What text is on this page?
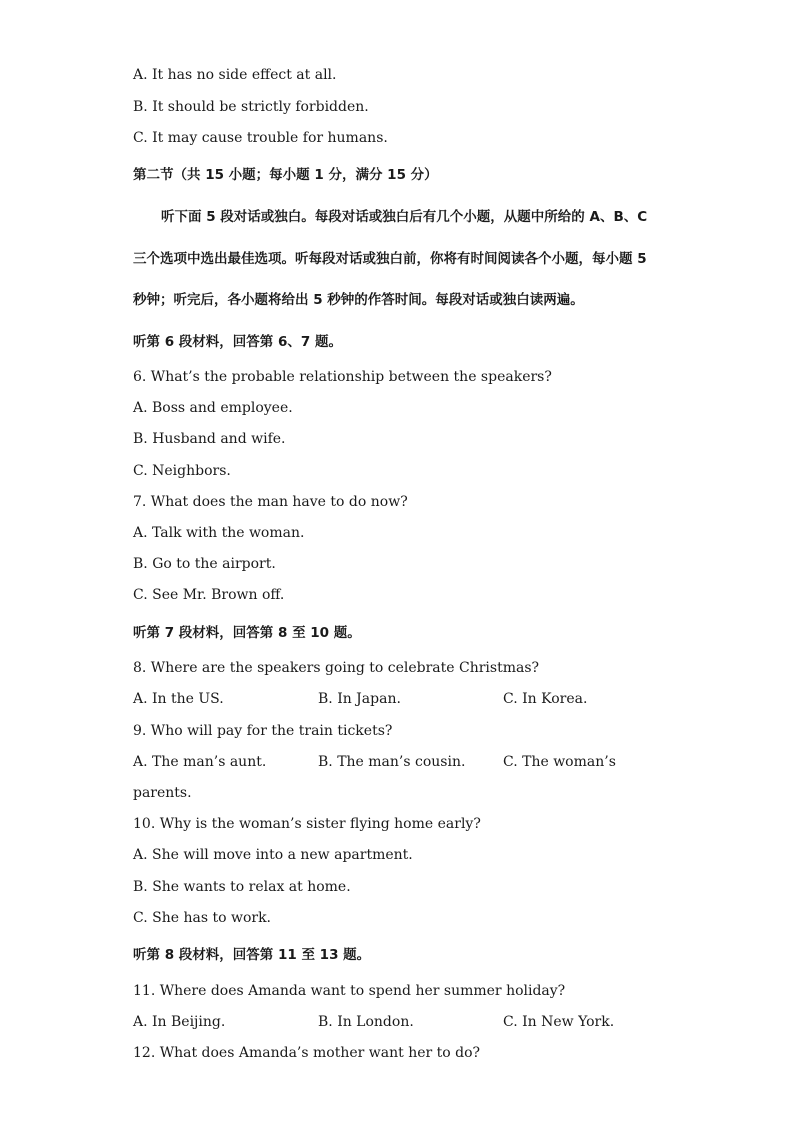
A. It has no side effect at all.
B. It should be strictly forbidden.
C. It may cause trouble for humans.
第二节（共 15 小题；每小题 1 分，满分 15 分）
听下面 5 段对话或独白。每段对话或独白后有几个小题，从题中所给的 A、B、C
三个选项中选出最佳选项。听每段对话或独白前，你将有时间阅读各个小题，每小题 5
秒钟；听完后，各小题将给出 5 秒钟的作答时间。每段对话或独白读两遍。
听第 6 段材料，回答第 6、7 题。
6. What’s the probable relationship between the speakers?
A. Boss and employee.
B. Husband and wife.
C. Neighbors.
7. What does the man have to do now?
A. Talk with the woman.
B. Go to the airport.
C. See Mr. Brown off.
听第 7 段材料，回答第 8 至 10 题。
8. Where are the speakers going to celebrate Christmas?
A. In the US.	B. In Japan.	C. In Korea.
9. Who will pay for the train tickets?
A. The man’s aunt.	B. The man’s cousin.	C. The woman’s
parents.
10. Why is the woman’s sister flying home early?
A. She will move into a new apartment.
B. She wants to relax at home.
C. She has to work.
听第 8 段材料，回答第 11 至 13 题。
11. Where does Amanda want to spend her summer holiday?
A. In Beijing.	B. In London.	C. In New York.
12. What does Amanda’s mother want her to do?
